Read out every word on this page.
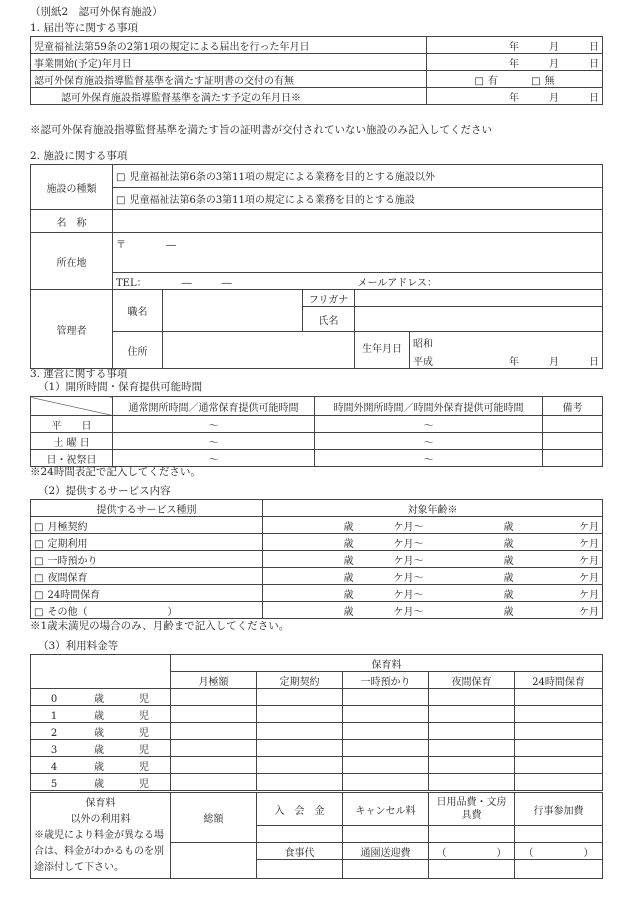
（別紙2　認可外保育施設）
1. 届出等に関する事項
児童福祉法第59条の2第1項の規定による届出を行った年月日	年　　　 月　　　 日
事業開始(予定)年月日	年　　　 月　　　 日
認可外保育施設指導監督基準を満たす証明書の交付の有無	□ 有　　　 □ 無
認可外保育施設指導監督基準を満たす予定の年月日※	年　　　 月　　　 日
※認可外保育施設指導監督基準を満たす旨の証明書が交付されていない施設のみ記入してください
2. 施設に関する事項
施設の種類	□ 児童福祉法第6条の3第11項の規定による業務を目的とする施設以外
	□ 児童福祉法第6条の3第11項の規定による業務を目的とする施設
名　称					
所在地	〒　　　　―				
	TEL：　　　　―　　　―			メールアドレス：	
管理者	職名		フリガナ		
			氏名		
	住所			生年月日	昭和
					平成 年　　　月　　　日
3. 運営に関する事項
（1）開所時間・保育提供可能時間
	通常開所時間／通常保育提供可能時間	時間外開所時間／時間外保育提供可能時間	備考
平　　日	～	～	
土 曜 日	～	～	
日・祝祭日	～	～	
※24時間表記で記入してください。
（2）提供するサービス内容
提供するサービス種別	対象年齢※			
□ 月極契約	歳	ケ月～	歳	ケ月
□ 定期利用	歳	ケ月～	歳	ケ月
□ 一時預かり	歳	ケ月～	歳	ケ月
□ 夜間保育	歳	ケ月～	歳	ケ月
□ 24時間保育	歳	ケ月～	歳	ケ月
□ その他（　　　　　　　　）	歳	ケ月～	歳	ケ月
※1歳未満児の場合のみ、月齢まで記入してください。
（3）利用料金等
	保育料				
	月極額	定期契約	一時預かり	夜間保育	24時間保育
0 歳 児					
1 歳 児					
2 歳 児					
3 歳 児					
4 歳 児					
5 歳 児					

保育料
以外の利用料
※歳児により料金が異なる場合は、料金がわかるものを別途添付して下さい。	総額	入　会　金	キャンセル料	日用品費・文房具費	行事参加費

		食事代	通園送迎費	（　　　　　）	（　　　　　）
